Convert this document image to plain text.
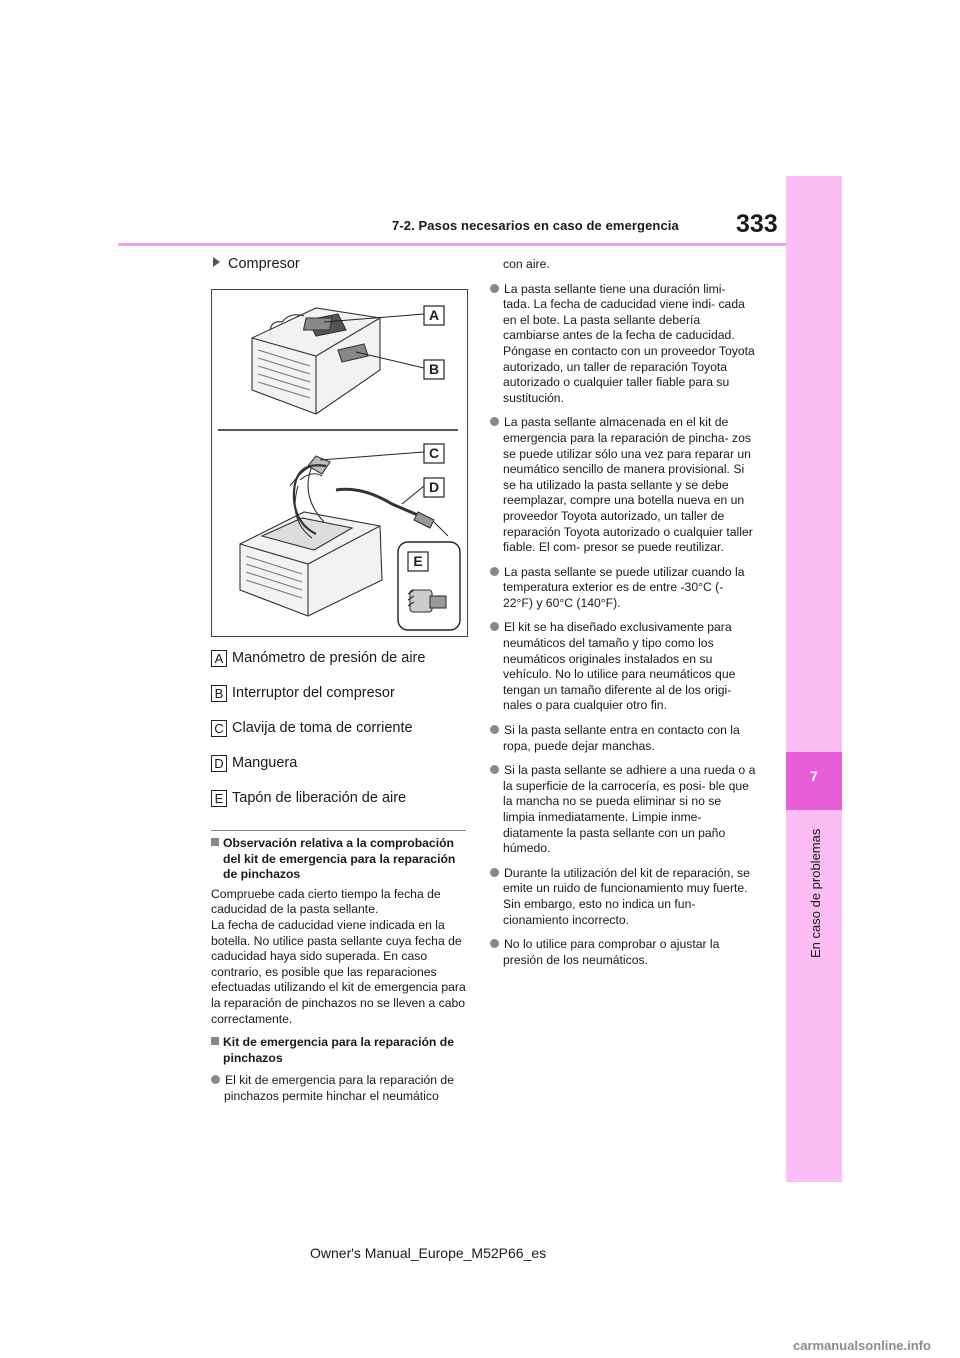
7-2. Pasos necesarios en caso de emergencia 333
7
En caso de problemas
Compresor
A
B
C
D
E
A Manómetro de presión de aire
B Interruptor del compresor
C Clavija de toma de corriente
D Manguera
E Tapón de liberación de aire
Observación relativa a la comprobación del kit de emergencia para la reparación de pinchazos
Compruebe cada cierto tiempo la fecha de caducidad de la pasta sellante.
La fecha de caducidad viene indicada en la botella. No utilice pasta sellante cuya fecha de caducidad haya sido superada. En caso contrario, es posible que las reparaciones efectuadas utilizando el kit de emergencia para la reparación de pinchazos no se lleven a cabo correctamente.
Kit de emergencia para la reparación de pinchazos
El kit de emergencia para la reparación de pinchazos permite hinchar el neumático
con aire.
La pasta sellante tiene una duración limi- tada. La fecha de caducidad viene indi- cada en el bote. La pasta sellante debería cambiarse antes de la fecha de caducidad. Póngase en contacto con un proveedor Toyota autorizado, un taller de reparación Toyota autorizado o cualquier taller fiable para su sustitución.
La pasta sellante almacenada en el kit de emergencia para la reparación de pincha- zos se puede utilizar sólo una vez para reparar un neumático sencillo de manera provisional. Si se ha utilizado la pasta sellante y se debe reemplazar, compre una botella nueva en un proveedor Toyota autorizado, un taller de reparación Toyota autorizado o cualquier taller fiable. El com- presor se puede reutilizar.
La pasta sellante se puede utilizar cuando la temperatura exterior es de entre -30°C (- 22°F) y 60°C (140°F).
El kit se ha diseñado exclusivamente para neumáticos del tamaño y tipo como los neumáticos originales instalados en su vehículo. No lo utilice para neumáticos que tengan un tamaño diferente al de los origi- nales o para cualquier otro fin.
Si la pasta sellante entra en contacto con la ropa, puede dejar manchas.
Si la pasta sellante se adhiere a una rueda o a la superficie de la carrocería, es posi- ble que la mancha no se pueda eliminar si no se limpia inmediatamente. Limpie inme- diatamente la pasta sellante con un paño húmedo.
Durante la utilización del kit de reparación, se emite un ruido de funcionamiento muy fuerte. Sin embargo, esto no indica un fun- cionamiento incorrecto.
No lo utilice para comprobar o ajustar la presión de los neumáticos.
Owner's Manual_Europe_M52P66_es
carmanualsonline.info
